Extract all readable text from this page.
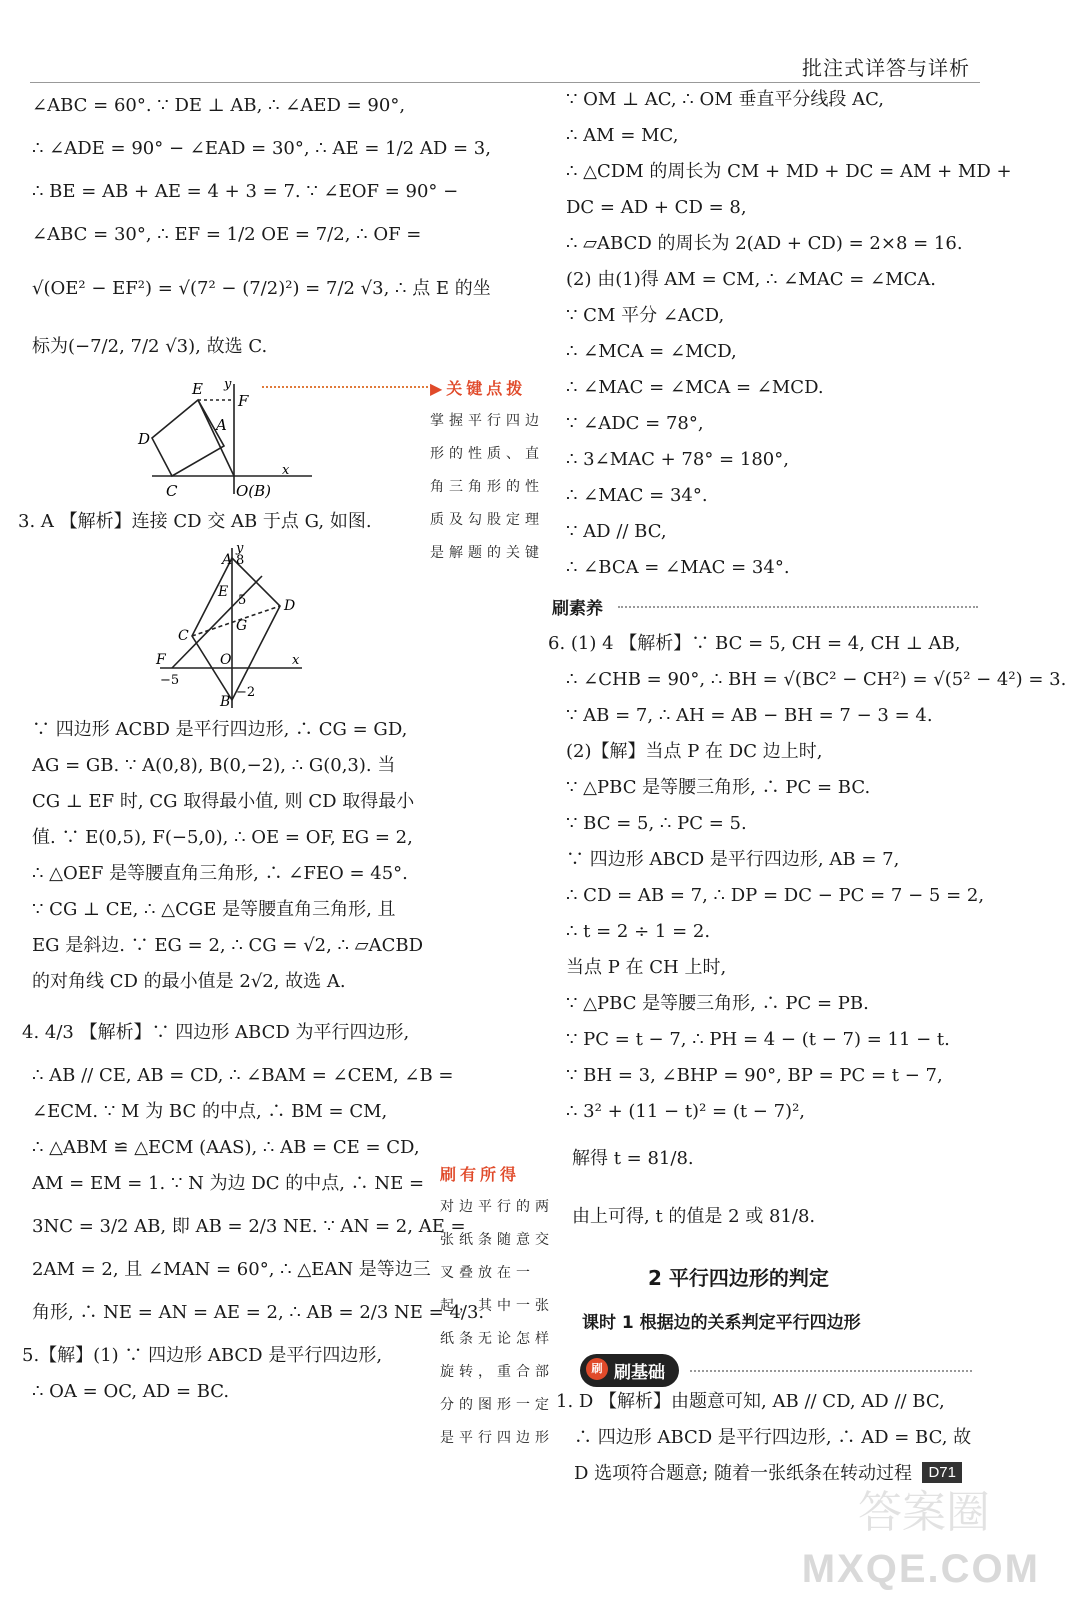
批注式详答与详析
∠ABC = 60°. ∵ DE ⊥ AB, ∴ ∠AED = 90°,
∴ ∠ADE = 90° − ∠EAD = 30°, ∴ AE = 1/2 AD = 3,
∴ BE = AB + AE = 4 + 3 = 7. ∵ ∠EOF = 90° −
∠ABC = 30°, ∴ EF = 1/2 OE = 7/2, ∴ OF =
√(OE² − EF²) = √(7² − (7/2)²) = 7/2 √3, ∴ 点 E 的坐
标为(−7/2, 7/2 √3), 故选 C.
E y
F
A
D
C	O(B)
x
3. A 【解析】连接 CD 交 AB 于点 G, 如图.
A
y
8
E
5	D
G
C
F	O
−5
x
B
−2
∵ 四边形 ACBD 是平行四边形, ∴ CG = GD,
AG = GB. ∵ A(0,8), B(0,−2), ∴ G(0,3). 当
CG ⊥ EF 时, CG 取得最小值, 则 CD 取得最小
值. ∵ E(0,5), F(−5,0), ∴ OE = OF, EG = 2,
∴ △OEF 是等腰直角三角形, ∴ ∠FEO = 45°.
∵ CG ⊥ CE, ∴ △CGE 是等腰直角三角形, 且
EG 是斜边. ∵ EG = 2, ∴ CG = √2, ∴ ▱ACBD
的对角线 CD 的最小值是 2√2, 故选 A.
4. 4/3 【解析】∵ 四边形 ABCD 为平行四边形,
∴ AB // CE, AB = CD, ∴ ∠BAM = ∠CEM, ∠B =
∠ECM. ∵ M 为 BC 的中点, ∴ BM = CM,
∴ △ABM ≌ △ECM (AAS), ∴ AB = CE = CD,
AM = EM = 1. ∵ N 为边 DC 的中点, ∴ NE =
3NC = 3/2 AB, 即 AB = 2/3 NE. ∵ AN = 2, AE =
2AM = 2, 且 ∠MAN = 60°, ∴ △EAN 是等边三
角形, ∴ NE = AN = AE = 2, ∴ AB = 2/3 NE = 4/3.
5.【解】(1) ∵ 四边形 ABCD 是平行四边形,
∴ OA = OC, AD = BC.
▶关键点拨
掌握平行四边形的性质、直角三角形的性质及勾股定理是解题的关键
刷有所得
对边平行的两张纸条随意交叉叠放在一起，其中一张纸条无论怎样旋转，重合部分的图形一定是平行四边形
∵ OM ⊥ AC, ∴ OM 垂直平分线段 AC,
∴ AM = MC,
∴ △CDM 的周长为 CM + MD + DC = AM + MD +
DC = AD + CD = 8,
∴ ▱ABCD 的周长为 2(AD + CD) = 2×8 = 16.
(2) 由(1)得 AM = CM, ∴ ∠MAC = ∠MCA.
∵ CM 平分 ∠ACD,
∴ ∠MCA = ∠MCD,
∴ ∠MAC = ∠MCA = ∠MCD.
∵ ∠ADC = 78°,
∴ 3∠MAC + 78° = 180°,
∴ ∠MAC = 34°.
∵ AD // BC,
∴ ∠BCA = ∠MAC = 34°.
刷素养
6. (1) 4 【解析】∵ BC = 5, CH = 4, CH ⊥ AB,
∴ ∠CHB = 90°, ∴ BH = √(BC² − CH²) = √(5² − 4²) = 3.
∵ AB = 7, ∴ AH = AB − BH = 7 − 3 = 4.
(2)【解】当点 P 在 DC 边上时,
∵ △PBC 是等腰三角形, ∴ PC = BC.
∵ BC = 5, ∴ PC = 5.
∵ 四边形 ABCD 是平行四边形, AB = 7,
∴ CD = AB = 7, ∴ DP = DC − PC = 7 − 5 = 2,
∴ t = 2 ÷ 1 = 2.
当点 P 在 CH 上时,
∵ △PBC 是等腰三角形, ∴ PC = PB.
∵ PC = t − 7, ∴ PH = 4 − (t − 7) = 11 − t.
∵ BH = 3, ∠BHP = 90°, BP = PC = t − 7,
∴ 3² + (11 − t)² = (t − 7)²,
解得 t = 81/8.
由上可得, t 的值是 2 或 81/8.
2 平行四边形的判定
课时 1 根据边的关系判定平行四边形
刷 刷基础
1. D 【解析】由题意可知, AB // CD, AD // BC,
∴ 四边形 ABCD 是平行四边形, ∴ AD = BC, 故
D 选项符合题意; 随着一张纸条在转动过程	D71
答案圈
MXQE.COM
